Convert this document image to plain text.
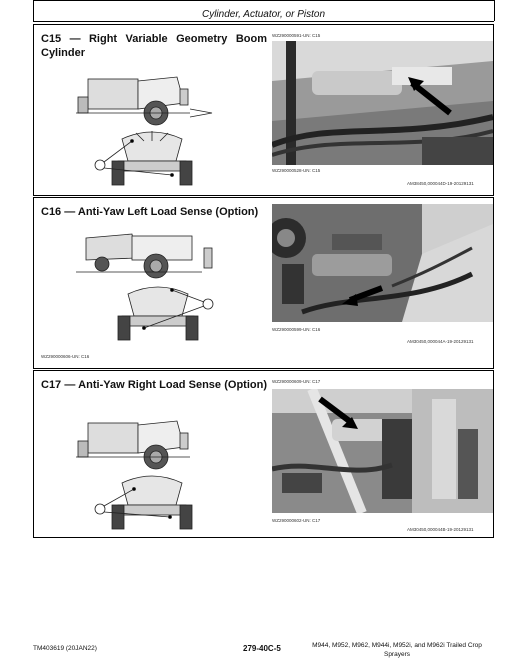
Cylinder, Actuator, or Piston
C15 — Right Variable Geometry Boom Cylinder
WZ290000591-UN: C15
WZ290000528-UN: C15
AM38450,000044D-19-20129131
C16 — Anti-Yaw Left Load Sense (Option)
WZ290000606-UN: C16
WZ290000599-UN: C16
AM30450,000044A-19-20129131
C17 — Anti-Yaw Right Load Sense (Option) WZ290000609-UN: C17
WZ290000602-UN: C17
AM30450,000044B-19-20129131
TM403619 (20JAN22)	279-40C-5	M944, M952, M962, M944i, M952i, and M962i Trailed Crop Sprayers
